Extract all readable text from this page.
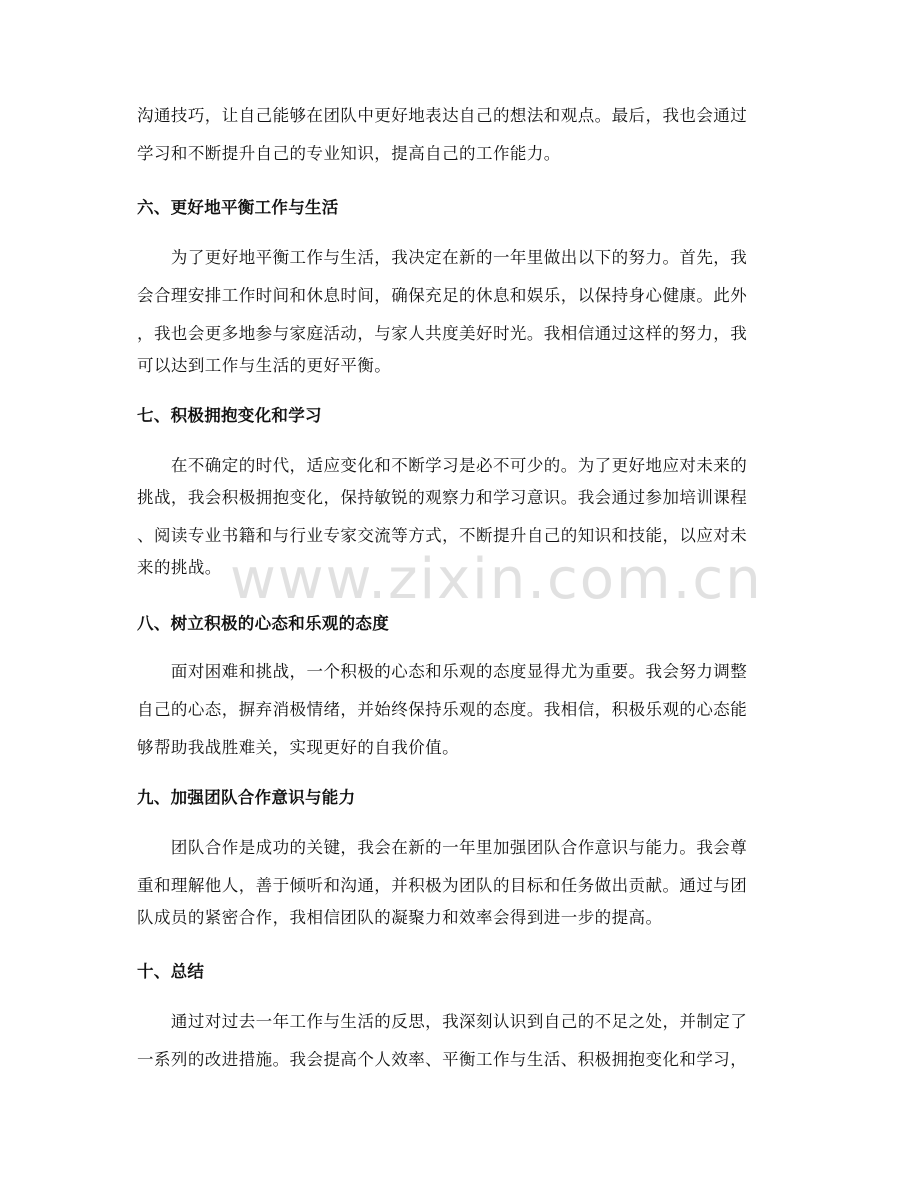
沟通技巧，让自己能够在团队中更好地表达自己的想法和观点。最后，我也会通过
学习和不断提升自己的专业知识，提高自己的工作能力。
六、更好地平衡工作与生活
　　为了更好地平衡工作与生活，我决定在新的一年里做出以下的努力。首先，我
会合理安排工作时间和休息时间，确保充足的休息和娱乐，以保持身心健康。此外
，我也会更多地参与家庭活动，与家人共度美好时光。我相信通过这样的努力，我
可以达到工作与生活的更好平衡。
七、积极拥抱变化和学习
　　在不确定的时代，适应变化和不断学习是必不可少的。为了更好地应对未来的
挑战，我会积极拥抱变化，保持敏锐的观察力和学习意识。我会通过参加培训课程
、阅读专业书籍和与行业专家交流等方式，不断提升自己的知识和技能，以应对未
来的挑战。
八、树立积极的心态和乐观的态度
　　面对困难和挑战，一个积极的心态和乐观的态度显得尤为重要。我会努力调整
自己的心态，摒弃消极情绪，并始终保持乐观的态度。我相信，积极乐观的心态能
够帮助我战胜难关，实现更好的自我价值。
九、加强团队合作意识与能力
　　团队合作是成功的关键，我会在新的一年里加强团队合作意识与能力。我会尊
重和理解他人，善于倾听和沟通，并积极为团队的目标和任务做出贡献。通过与团
队成员的紧密合作，我相信团队的凝聚力和效率会得到进一步的提高。
十、总结
　　通过对过去一年工作与生活的反思，我深刻认识到自己的不足之处，并制定了
一系列的改进措施。我会提高个人效率、平衡工作与生活、积极拥抱变化和学习，
www.zixin.com.cn
